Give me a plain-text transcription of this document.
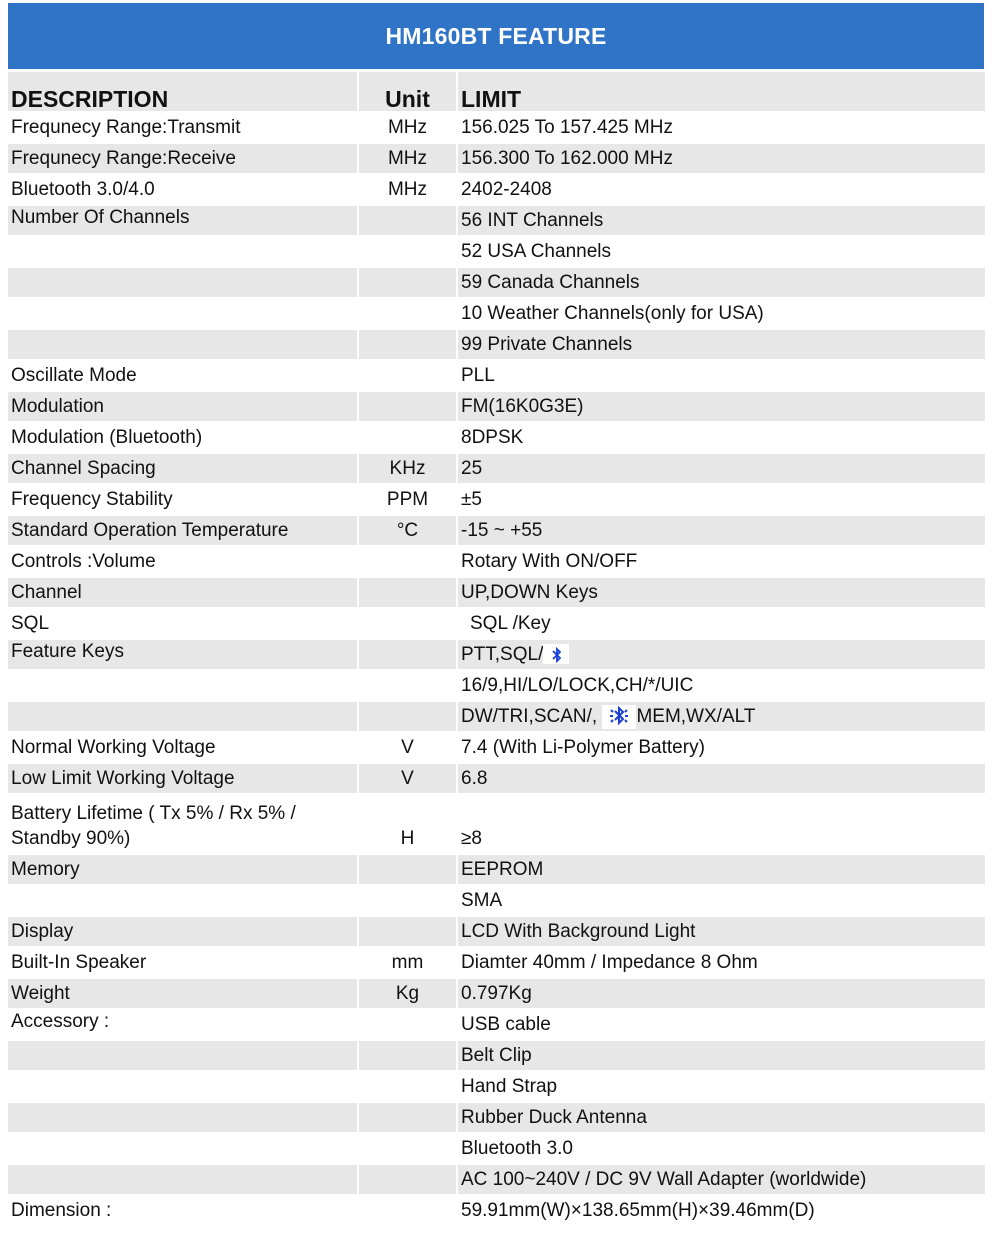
HM160BT FEATURE
DESCRIPTION	Unit	LIMIT
Frequnecy Range:Transmit	MHz	156.025 To 157.425 MHz
Frequnecy Range:Receive	MHz	156.300 To 162.000 MHz
Bluetooth 3.0/4.0	MHz	2402-2408
Number Of Channels		56 INT Channels
		52 USA Channels
		59 Canada Channels
		10 Weather Channels(only for USA)
		99 Private Channels
Oscillate Mode		PLL
Modulation		FM(16K0G3E)
Modulation (Bluetooth)		8DPSK
Channel Spacing	KHz	25
Frequency Stability	PPM	±5
Standard Operation Temperature	°C	-15 ~ +55
Controls :Volume		Rotary With ON/OFF
Channel		UP,DOWN Keys
SQL		SQL /Key
Feature Keys		PTT,SQL/
		16/9,HI/LO/LOCK,CH/*/UIC
		DW/TRI,SCAN/, MEM,WX/ALT
Normal Working Voltage	V	7.4 (With Li-Polymer Battery)
Low Limit Working Voltage	V	6.8
Battery Lifetime ( Tx 5% / Rx 5% / Standby 90%)	H	≥8
Memory		EEPROM
		SMA
Display		LCD With Background Light
Built-In Speaker	mm	Diamter 40mm / Impedance 8 Ohm
Weight	Kg	0.797Kg
Accessory :		USB cable
		Belt Clip
		Hand Strap
		Rubber Duck Antenna
		Bluetooth 3.0
		AC 100~240V / DC 9V Wall Adapter (worldwide)
Dimension :		59.91mm(W)×138.65mm(H)×39.46mm(D)
